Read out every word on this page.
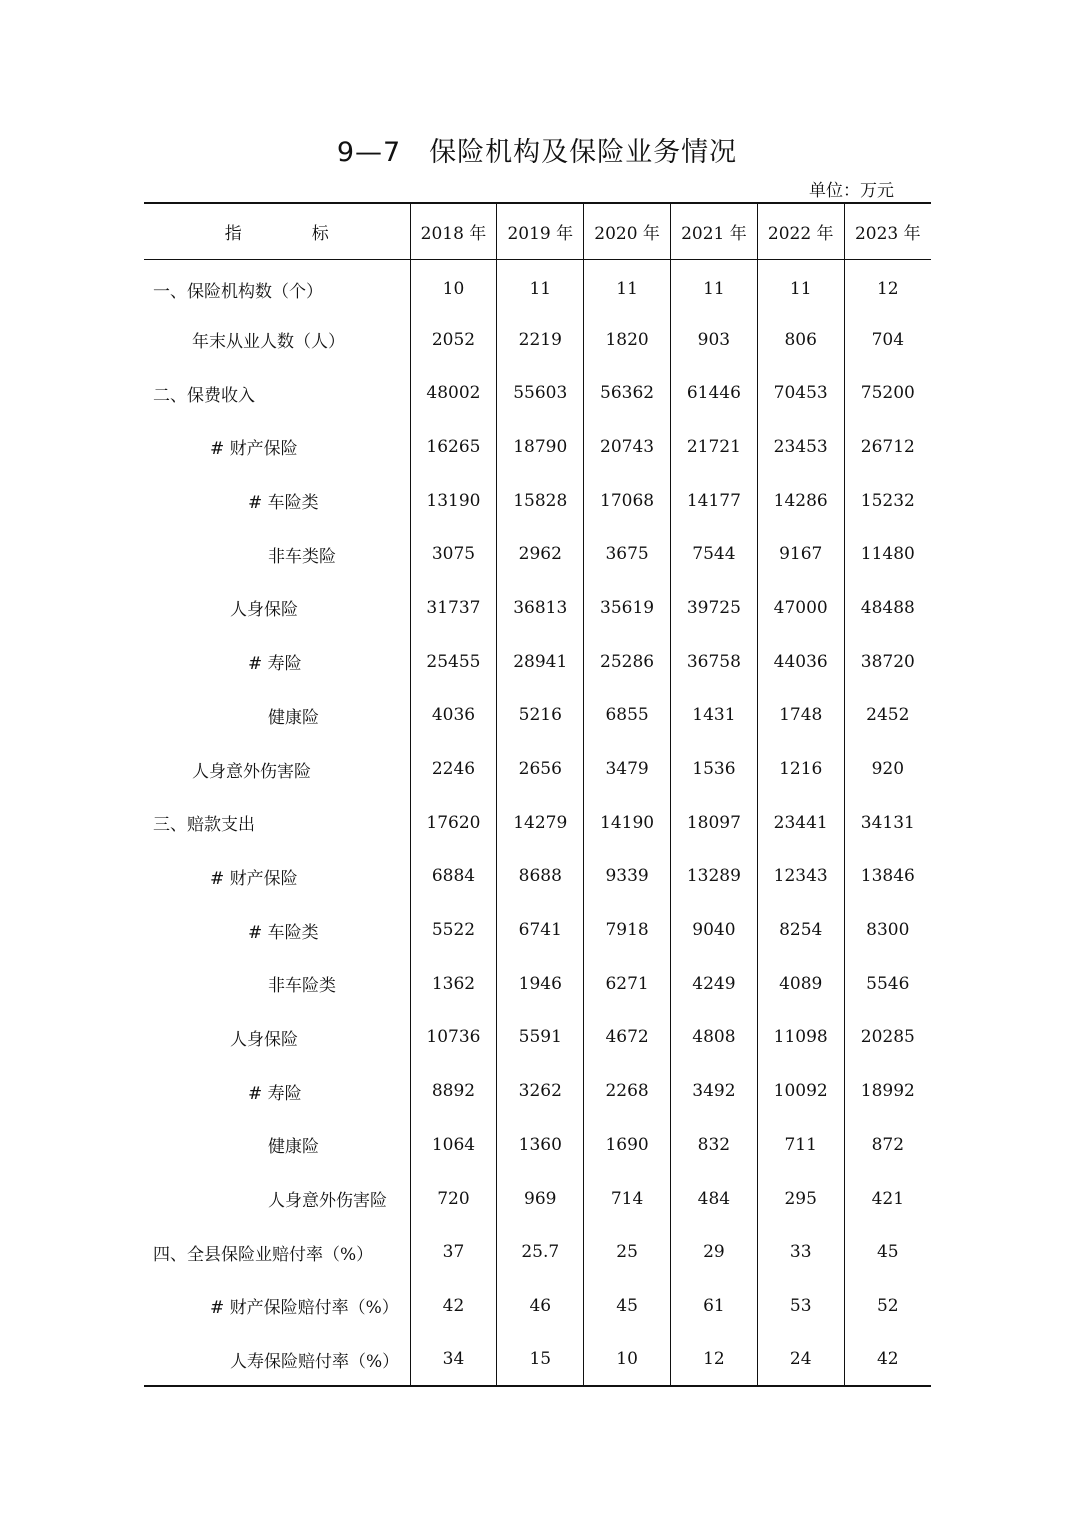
9—7　保险机构及保险业务情况
单位：万元
指 标	2018 年	2019 年	2020 年	2021 年	2022 年	2023 年
一、保险机构数（个）	10	11	11	11	11	12
年末从业人数（人）	2052	2219	1820	903	806	704
二、保费收入	48002	55603	56362	61446	70453	75200
# 财产保险	16265	18790	20743	21721	23453	26712
# 车险类	13190	15828	17068	14177	14286	15232
非车类险	3075	2962	3675	7544	9167	11480
人身保险	31737	36813	35619	39725	47000	48488
# 寿险	25455	28941	25286	36758	44036	38720
健康险	4036	5216	6855	1431	1748	2452
人身意外伤害险	2246	2656	3479	1536	1216	920
三、赔款支出	17620	14279	14190	18097	23441	34131
# 财产保险	6884	8688	9339	13289	12343	13846
# 车险类	5522	6741	7918	9040	8254	8300
非车险类	1362	1946	6271	4249	4089	5546
人身保险	10736	5591	4672	4808	11098	20285
# 寿险	8892	3262	2268	3492	10092	18992
健康险	1064	1360	1690	832	711	872
人身意外伤害险	720	969	714	484	295	421
四、全县保险业赔付率（%）	37	25.7	25	29	33	45
# 财产保险赔付率（%）	42	46	45	61	53	52
人寿保险赔付率（%）	34	15	10	12	24	42
